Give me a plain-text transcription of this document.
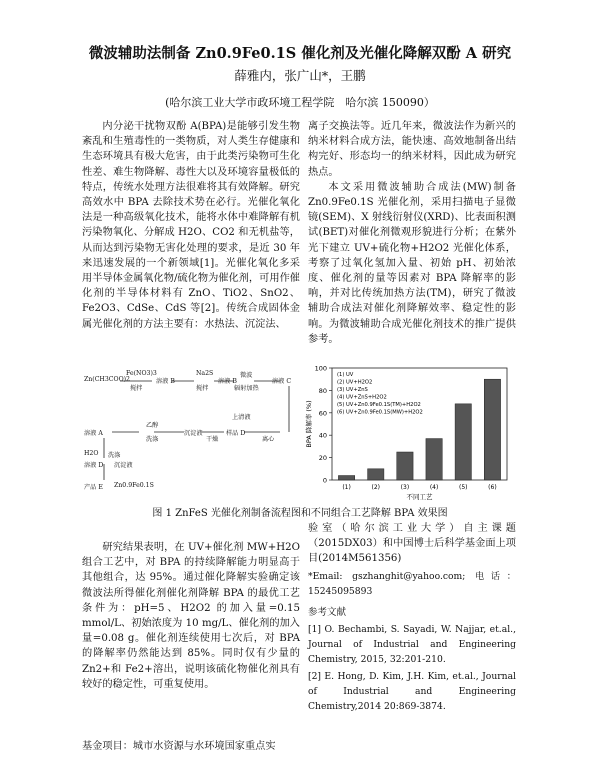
微波辅助法制备 Zn0.9Fe0.1S 催化剂及光催化降解双酚 A 研究
薛雅内，张广山*，王鹏
(哈尔滨工业大学市政环境工程学院　哈尔滨 150090）

内分泌干扰物双酚 A(BPA)是能够引发生物紊乱和生殖毒性的一类物质，对人类生存健康和生态环境具有极大危害，由于此类污染物可生化性差、难生物降解、毒性大以及环境容量极低的特点，传统水处理方法很难将其有效降解。研究高效水中 BPA 去除技术势在必行。光催化氧化法是一种高级氧化技术，能将水体中难降解有机污染物氧化、分解成 H2O、CO2 和无机盐等，从而达到污染物无害化处理的要求，是近 30 年来迅速发展的一个新领域[1]。光催化氧化多采用半导体金属氧化物/硫化物为催化剂，可用作催化剂的半导体材料有 ZnO、TiO2、SnO2、Fe2O3、CdSe、CdS 等[2]。传统合成固体金属光催化剂的方法主要有：水热法、沉淀法、

离子交换法等。近几年来，微波法作为新兴的纳米材料合成方法，能快速、高效地制备出结构完好、形态均一的纳米材料，因此成为研究热点。

本文采用微波辅助合成法(MW)制备 Zn0.9Fe0.1S 光催化剂，采用扫描电子显微镜(SEM)、X 射线衍射仪(XRD)、比表面积测试(BET)对催化剂微观形貌进行分析；在紫外光下建立 UV+硫化物+H2O2 光催化体系，考察了过氧化氢加入量、初始 pH、初始浓度、催化剂的量等因素对 BPA 降解率的影响，并对比传统加热方法(TM)，研究了微波辅助合成法对催化剂降解效率、稳定性的影响。为微波辅助合成光催化剂技术的推广提供参考。

Zn(CH3COO)2
Fe(NO3)3
搅拌
溶液 B
Na2S
搅拌
溶液 B
微波
辐射加热
溶液 C
上清液
离心
样品 D
干燥
沉淀液
乙醇
洗涤
溶液 A
H2O 洗涤
溶液 D 沉淀液
产品 E Zn0.9Fe0.1S
0
20
40
60
80
100
(1)	(2)	(3)	(4)	(5)	(6)
不同工艺
BPA 降解率 (%)
(1) UV
(2) UV+H2O2
(3) UV+ZnS
(4) UV+ZnS+H2O2
(5) UV+Zn0.9Fe0.1S(TM)+H2O2
(6) UV+Zn0.9Fe0.1S(MW)+H2O2
图 1 ZnFeS 光催化剂制备流程图和不同组合工艺降解 BPA 效果图

研究结果表明，在 UV+催化剂 MW+H2O 组合工艺中，对 BPA 的持续降解能力明显高于其他组合，达 95%。通过催化降解实验确定该微波法所得催化剂催化剂降解 BPA 的最优工艺条件为：pH=5、H2O2 的加入量=0.15 mmol/L、初始浓度为 10 mg/L、催化剂的加入量=0.08 g。催化剂连续使用七次后，对 BPA 的降解率仍然能达到 85%。同时仅有少量的 Zn2+和 Fe2+溶出，说明该硫化物催化剂具有较好的稳定性，可重复使用。

基金项目：城市水资源与水环境国家重点实
验室（哈尔滨工业大学）自主课题（2015DX03）和中国博士后科学基金面上项目(2014M561356)
*Email: gszhanghit@yahoo.com; 电话：15245095893
参考文献
[1] O. Bechambi, S. Sayadi, W. Najjar, et.al., Journal of Industrial and Engineering Chemistry, 2015, 32:201-210.
[2] E. Hong, D. Kim, J.H. Kim, et.al., Journal of Industrial and Engineering Chemistry,2014 20:869-3874.
